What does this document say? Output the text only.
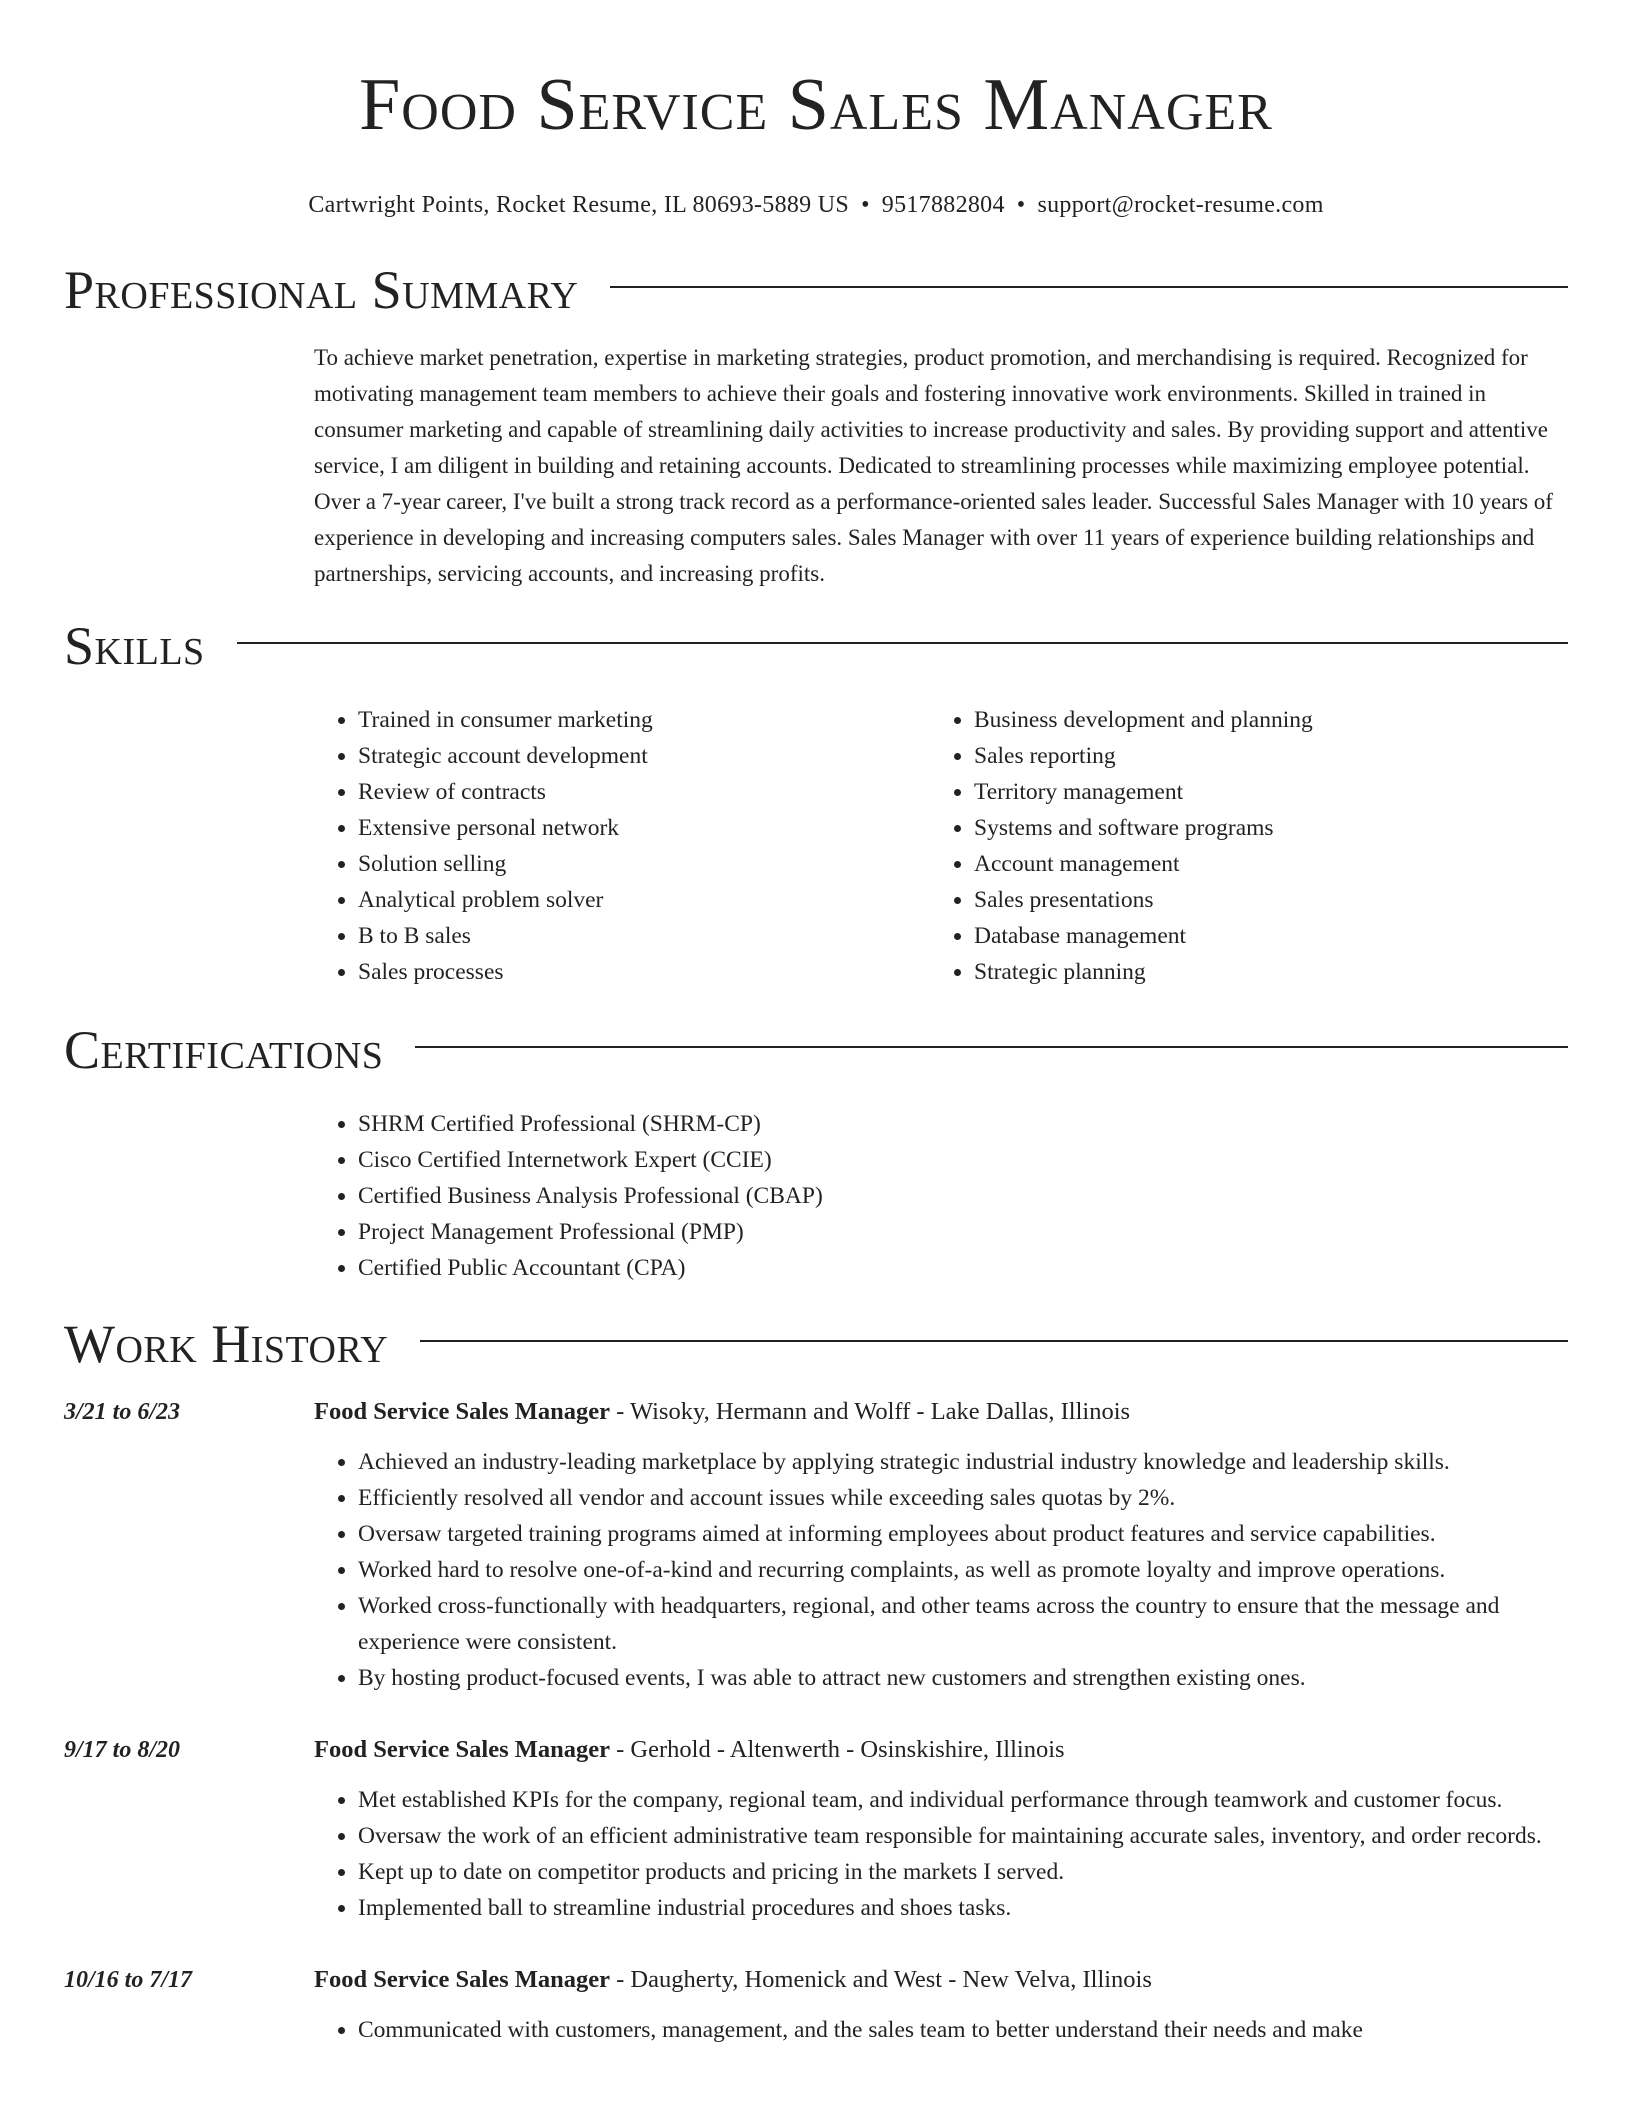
Food Service Sales Manager
Cartwright Points, Rocket Resume, IL 80693-5889 US • 9517882804 • support@rocket-resume.com
Professional Summary

To achieve market penetration, expertise in marketing strategies, product promotion, and merchandising is required. Recognized for motivating management team members to achieve their goals and fostering innovative work environments. Skilled in trained in consumer marketing and capable of streamlining daily activities to increase productivity and sales. By providing support and attentive service, I am diligent in building and retaining accounts. Dedicated to streamlining processes while maximizing employee potential. Over a 7-year career, I've built a strong track record as a performance-oriented sales leader. Successful Sales Manager with 10 years of experience in developing and increasing computers sales. Sales Manager with over 11 years of experience building relationships and partnerships, servicing accounts, and increasing profits.

Skills
• Trained in consumer marketing
• Strategic account development
• Review of contracts
• Extensive personal network
• Solution selling
• Analytical problem solver
• B to B sales
• Sales processes
• Business development and planning
• Sales reporting
• Territory management
• Systems and software programs
• Account management
• Sales presentations
• Database management
• Strategic planning
Certifications
• SHRM Certified Professional (SHRM-CP)
• Cisco Certified Internetwork Expert (CCIE)
• Certified Business Analysis Professional (CBAP)
• Project Management Professional (PMP)
• Certified Public Accountant (CPA)
Work History
3/21 to 6/23	Food Service Sales Manager - Wisoky, Hermann and Wolff - Lake Dallas, Illinois
• Achieved an industry-leading marketplace by applying strategic industrial industry knowledge and leadership skills.
• Efficiently resolved all vendor and account issues while exceeding sales quotas by 2%.
• Oversaw targeted training programs aimed at informing employees about product features and service capabilities.
• Worked hard to resolve one-of-a-kind and recurring complaints, as well as promote loyalty and improve operations.
• Worked cross-functionally with headquarters, regional, and other teams across the country to ensure that the message and experience were consistent.
• By hosting product-focused events, I was able to attract new customers and strengthen existing ones.
9/17 to 8/20	Food Service Sales Manager - Gerhold - Altenwerth - Osinskishire, Illinois
• Met established KPIs for the company, regional team, and individual performance through teamwork and customer focus.
• Oversaw the work of an efficient administrative team responsible for maintaining accurate sales, inventory, and order records.
• Kept up to date on competitor products and pricing in the markets I served.
• Implemented ball to streamline industrial procedures and shoes tasks.
10/16 to 7/17	Food Service Sales Manager - Daugherty, Homenick and West - New Velva, Illinois
• Communicated with customers, management, and the sales team to better understand their needs and make
